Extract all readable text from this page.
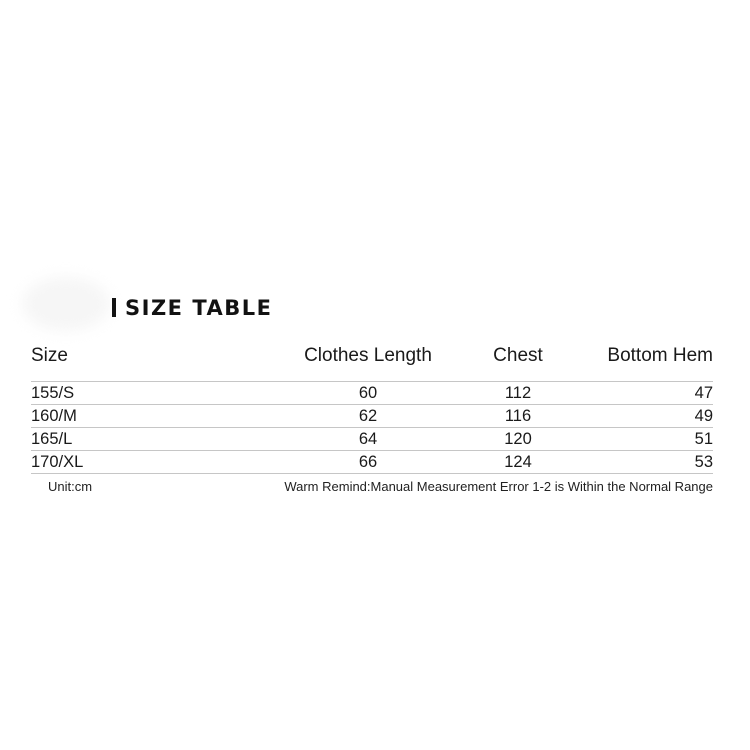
SIZE TABLE
Size	Clothes Length	Chest	Bottom Hem
155/S	60	112	47
160/M	62	116	49
165/L	64	120	51
170/XL	66	124	53
Unit:cm	Warm Remind:Manual Measurement Error 1-2 is Within the Normal Range
